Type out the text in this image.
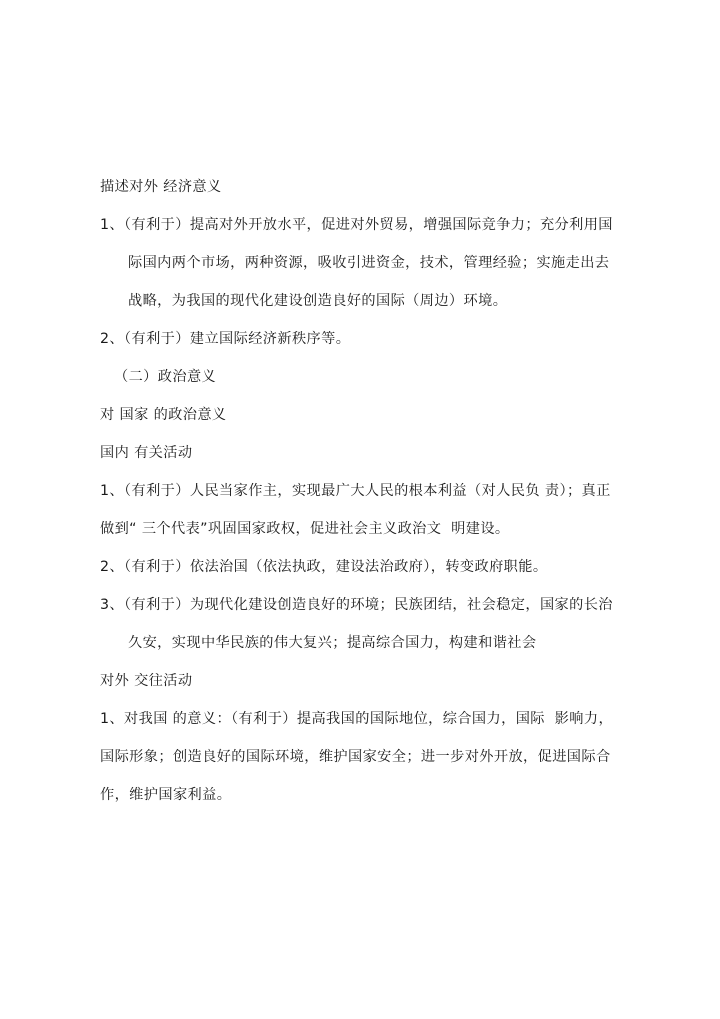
描述对外 经济意义

1、（有利于）提高对外开放水平，促进对外贸易，增强国际竞争力；充分利用国际国内两个市场，两种资源，吸收引进资金，技术，管理经验；实施走出去战略，为我国的现代化建设创造良好的国际（周边）环境。

2、（有利于）建立国际经济新秩序等。

（二）政治意义

对 国家 的政治意义

国内 有关活动

1、（有利于）人民当家作主，实现最广大人民的根本利益（对人民负 责）；真正做到“ 三个代表”巩固国家政权，促进社会主义政治文  明建设。

2、（有利于）依法治国（依法执政，建设法治政府），转变政府职能。

3、（有利于）为现代化建设创造良好的环境；民族团结，社会稳定，国家的长治久安，实现中华民族的伟大复兴；提高综合国力，构建和谐社会

对外 交往活动

1、对我国 的意义：（有利于）提高我国的国际地位，综合国力，国际  影响力，国际形象；创造良好的国际环境，维护国家安全；进一步对外开放，促进国际合作，维护国家利益。
